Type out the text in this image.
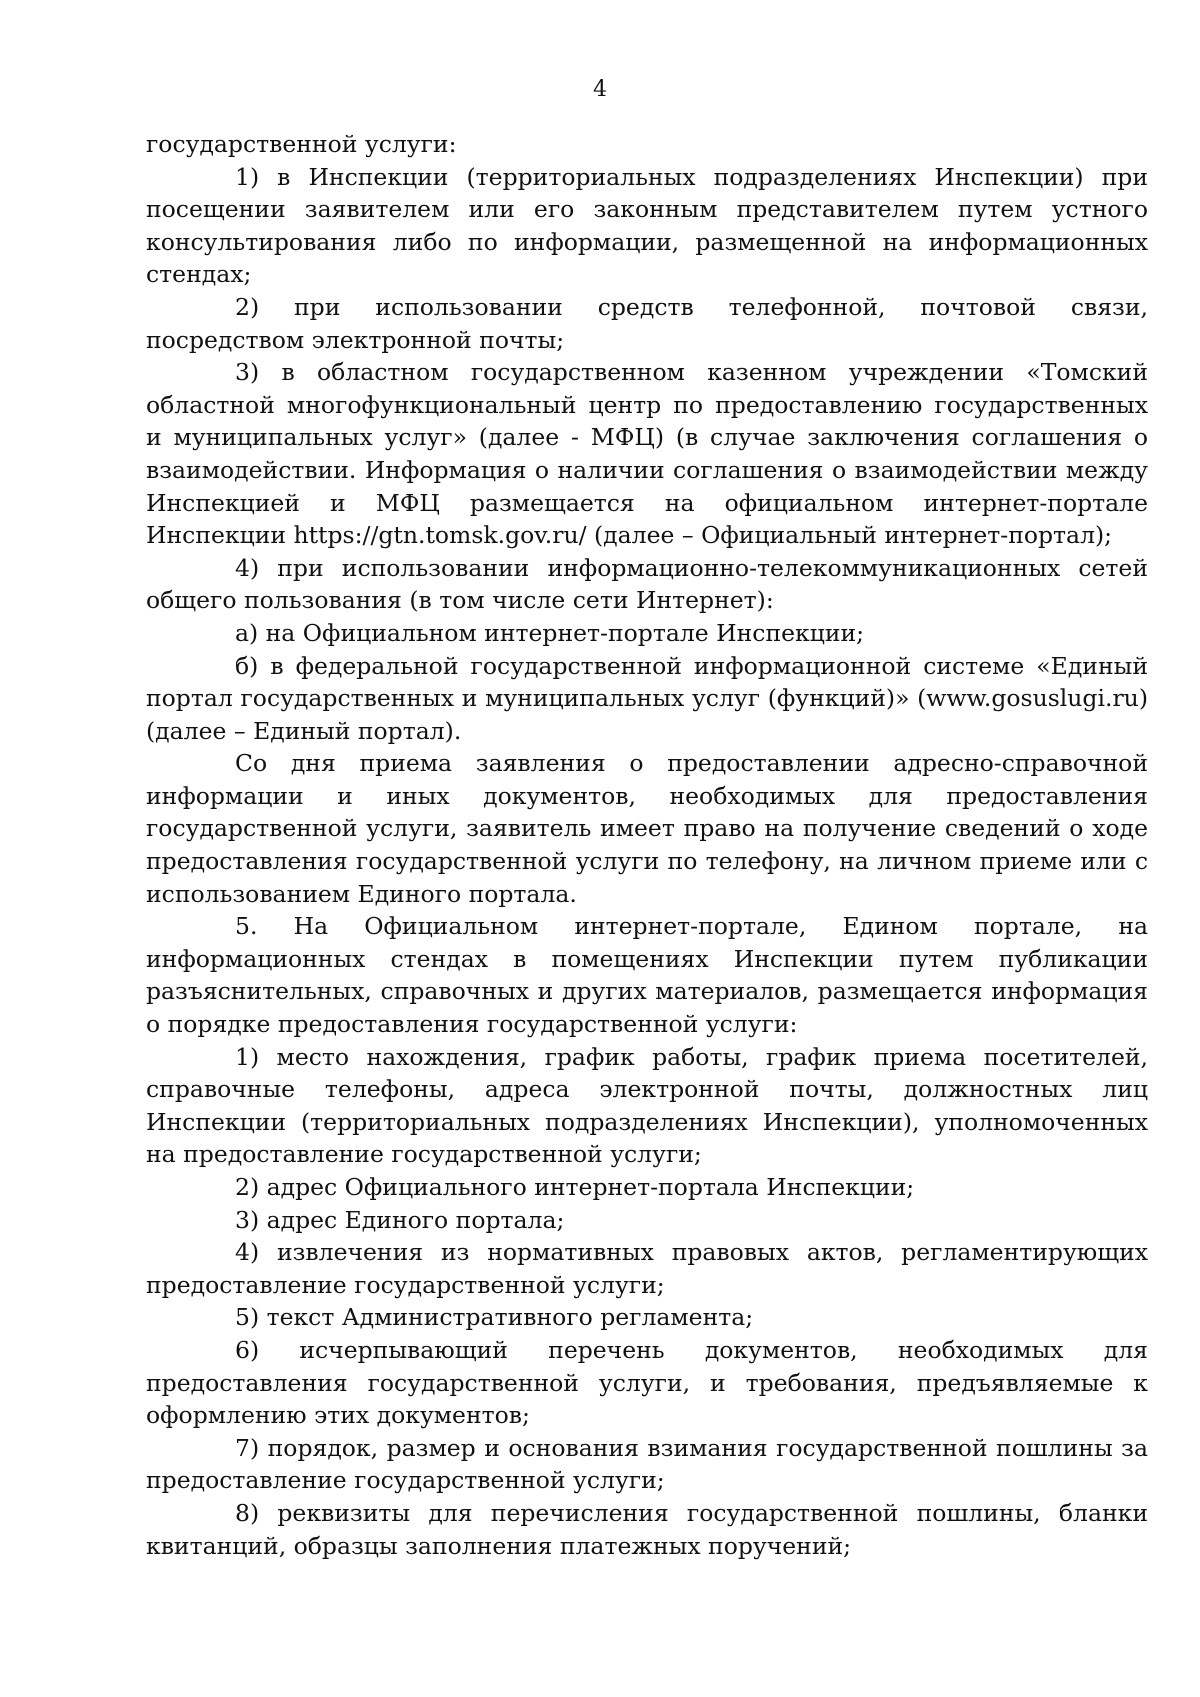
4

государственной услуги:

1) в Инспекции (территориальных подразделениях Инспекции) при посещении заявителем или его законным представителем путем устного консультирования либо по информации, размещенной на информационных стендах;

2) при использовании средств телефонной, почтовой связи, посредством электронной почты;

3) в областном государственном казенном учреждении «Томский областной многофункциональный центр по предоставлению государственных и муниципальных услуг» (далее - МФЦ) (в случае заключения соглашения о взаимодействии. Информация о наличии соглашения о взаимодействии между Инспекцией и МФЦ размещается на официальном интернет-портале Инспекции https://gtn.tomsk.gov.ru/ (далее – Официальный интернет-портал);

4) при использовании информационно-телекоммуникационных сетей общего пользования (в том числе сети Интернет):

а) на Официальном интернет-портале Инспекции;

б) в федеральной государственной информационной системе «Единый портал государственных и муниципальных услуг (функций)» (www.gosuslugi.ru) (далее – Единый портал).

Со дня приема заявления о предоставлении адресно-справочной информации и иных документов, необходимых для предоставления государственной услуги, заявитель имеет право на получение сведений о ходе предоставления государственной услуги по телефону, на личном приеме или с использованием Единого портала.

5. На Официальном интернет-портале, Едином портале, на информационных стендах в помещениях Инспекции путем публикации разъяснительных, справочных и других материалов, размещается информация о порядке предоставления государственной услуги:

1) место нахождения, график работы, график приема посетителей, справочные телефоны, адреса электронной почты, должностных лиц Инспекции (территориальных подразделениях Инспекции), уполномоченных на предоставление государственной услуги;

2) адрес Официального интернет-портала Инспекции;

3) адрес Единого портала;

4) извлечения из нормативных правовых актов, регламентирующих предоставление государственной услуги;

5) текст Административного регламента;

6) исчерпывающий перечень документов, необходимых для предоставления государственной услуги, и требования, предъявляемые к оформлению этих документов;

7) порядок, размер и основания взимания государственной пошлины за предоставление государственной услуги;

8) реквизиты для перечисления государственной пошлины, бланки квитанций, образцы заполнения платежных поручений;
